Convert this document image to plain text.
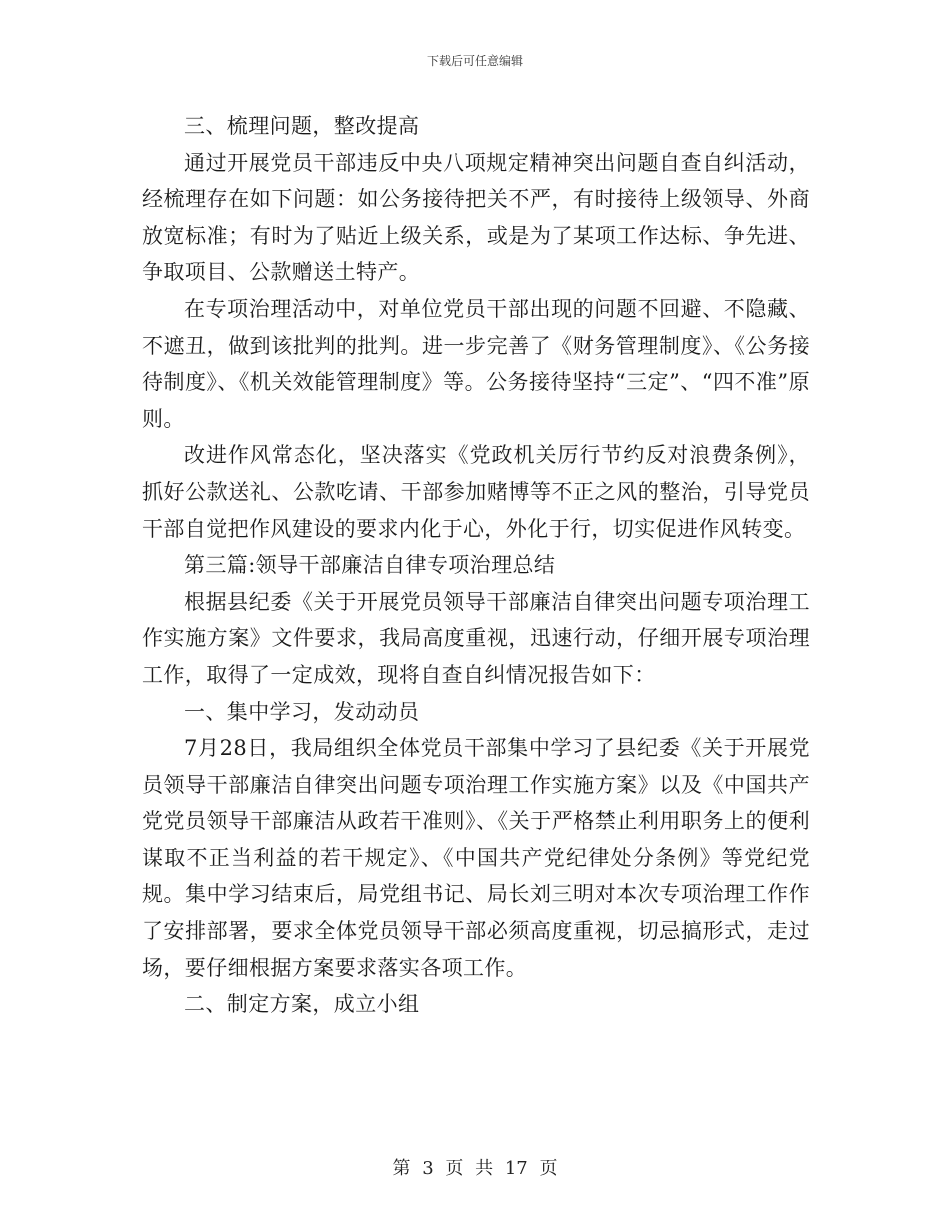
下载后可任意编辑

三、梳理问题，整改提高

通过开展党员干部违反中央八项规定精神突出问题自查自纠活动，经梳理存在如下问题：如公务接待把关不严，有时接待上级领导、外商放宽标准；有时为了贴近上级关系，或是为了某项工作达标、争先进、争取项目、公款赠送土特产。

在专项治理活动中，对单位党员干部出现的问题不回避、不隐藏、不遮丑，做到该批判的批判。进一步完善了《财务管理制度》、《公务接待制度》、《机关效能管理制度》等。公务接待坚持“三定”、“四不准”原则。

改进作风常态化，坚决落实《党政机关厉行节约反对浪费条例》，抓好公款送礼、公款吃请、干部参加赌博等不正之风的整治，引导党员干部自觉把作风建设的要求内化于心，外化于行，切实促进作风转变。

第三篇:领导干部廉洁自律专项治理总结

根据县纪委《关于开展党员领导干部廉洁自律突出问题专项治理工作实施方案》文件要求，我局高度重视，迅速行动，仔细开展专项治理工作，取得了一定成效，现将自查自纠情况报告如下：

一、集中学习，发动动员

7月28日，我局组织全体党员干部集中学习了县纪委《关于开展党员领导干部廉洁自律突出问题专项治理工作实施方案》以及《中国共产党党员领导干部廉洁从政若干准则》、《关于严格禁止利用职务上的便利谋取不正当利益的若干规定》、《中国共产党纪律处分条例》等党纪党规。集中学习结束后，局党组书记、局长刘三明对本次专项治理工作作了安排部署，要求全体党员领导干部必须高度重视，切忌搞形式，走过场，要仔细根据方案要求落实各项工作。

二、制定方案，成立小组

第 3 页 共 17 页
